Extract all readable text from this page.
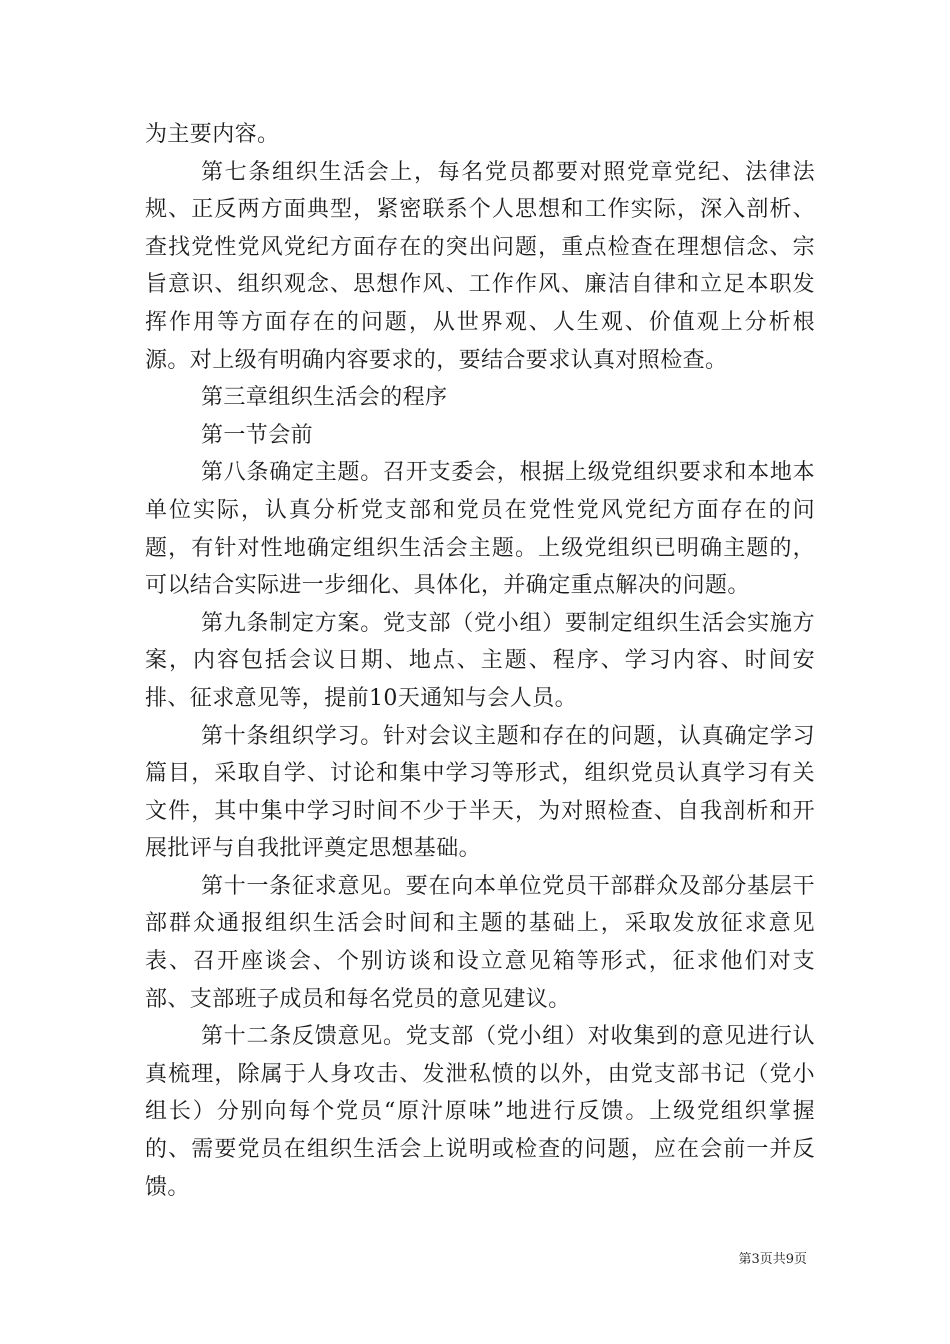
为主要内容。

第七条组织生活会上，每名党员都要对照党章党纪、法律法规、正反两方面典型，紧密联系个人思想和工作实际，深入剖析、查找党性党风党纪方面存在的突出问题，重点检查在理想信念、宗旨意识、组织观念、思想作风、工作作风、廉洁自律和立足本职发挥作用等方面存在的问题，从世界观、人生观、价值观上分析根源。对上级有明确内容要求的，要结合要求认真对照检查。

第三章组织生活会的程序

第一节会前

第八条确定主题。召开支委会，根据上级党组织要求和本地本单位实际，认真分析党支部和党员在党性党风党纪方面存在的问题，有针对性地确定组织生活会主题。上级党组织已明确主题的，可以结合实际进一步细化、具体化，并确定重点解决的问题。

第九条制定方案。党支部（党小组）要制定组织生活会实施方案，内容包括会议日期、地点、主题、程序、学习内容、时间安排、征求意见等，提前10天通知与会人员。

第十条组织学习。针对会议主题和存在的问题，认真确定学习篇目，采取自学、讨论和集中学习等形式，组织党员认真学习有关文件，其中集中学习时间不少于半天，为对照检查、自我剖析和开展批评与自我批评奠定思想基础。

第十一条征求意见。要在向本单位党员干部群众及部分基层干部群众通报组织生活会时间和主题的基础上，采取发放征求意见表、召开座谈会、个别访谈和设立意见箱等形式，征求他们对支部、支部班子成员和每名党员的意见建议。

第十二条反馈意见。党支部（党小组）对收集到的意见进行认真梳理，除属于人身攻击、发泄私愤的以外，由党支部书记（党小组长）分别向每个党员“原汁原味”地进行反馈。上级党组织掌握的、需要党员在组织生活会上说明或检查的问题，应在会前一并反馈。

第3页共9页
